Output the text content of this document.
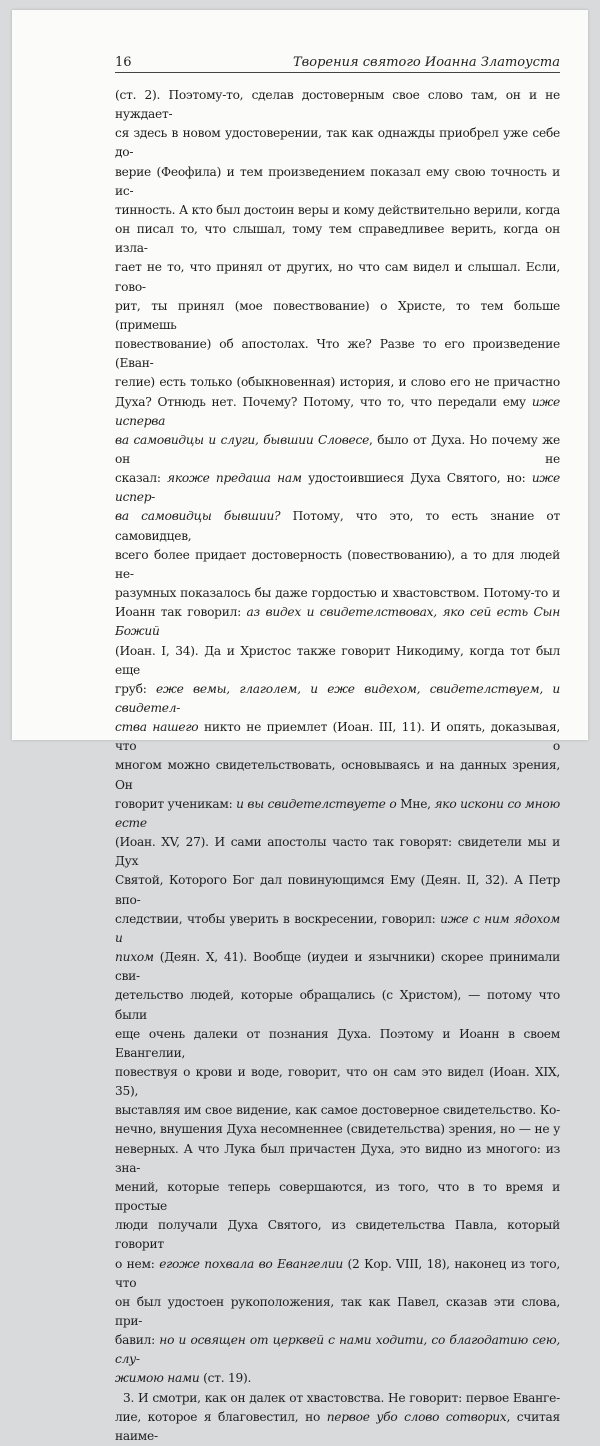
16	Творения святого Иоанна Златоуста

(ст. 2). Поэтому-то, сделав достоверным свое слово там, он и не нуждает-

ся здесь в новом удостоверении, так как однажды приобрел уже себе до-

верие (Феофила) и тем произведением показал ему свою точность и ис-

тинность. А кто был достоин веры и кому действительно верили, когда

он писал то, что слышал, тому тем справедливее верить, когда он излa-

гает не то, что принял от других, но что сам видел и слышал. Если, гово-

рит, ты принял (мое повествование) о Христе, то тем больше (примешь

повествование) об апостолах. Что же? Разве то его произведение (Еван-

гелие) есть только (обыкновенная) история, и слово его не причастно

Духа? Отнюдь нет. Почему? Потому, что то, что передали ему иже исперва

ва самовидцы и слуги, бывшии Словесе, было от Духа. Но почему же он не

сказал: якоже предаша нам удостоившиеся Духа Святого, но: иже испер-

ва самовидцы бывшии? Потому, что это, то есть знание от самовидцев,

всего более придает достоверность (повествованию), а то для людей не-

разумных показалось бы даже гордостью и хвастовством. Потому-то и

Иоанн так говорил: аз видех и свидетелствовах, яко сей есть Сын Божий

(Иоан. I, 34). Да и Христос также говорит Никодиму, когда тот был еще

груб: еже вемы, глаголем, и еже видехом, свидетелствуем, и свидетел-

ства нашего никто не приемлет (Иоан. III, 11). И опять, доказывая, что о

многом можно свидетельствовать, основываясь и на данных зрения, Он

говорит ученикам: и вы свидетелствуете о Мне, яко искони со мною есте

(Иоан. XV, 27). И сами апостолы часто так говорят: свидетели мы и Дух

Святой, Которого Бог дал повинующимся Ему (Деян. II, 32). А Петр впо-

следствии, чтобы уверить в воскресении, говорил: иже с ним ядохом и

пихом (Деян. X, 41). Вообще (иудеи и язычники) скорее принимали сви-

детельство людей, которые обращались (с Христом), — потому что были

еще очень далеки от познания Духа. Поэтому и Иоанн в своем Евангелии,

повествуя о крови и воде, говорит, что он сам это видел (Иоан. XIX, 35),

выставляя им свое видение, как самое достоверное свидетельство. Ко-

нечно, внушения Духа несомненнее (свидетельства) зрения, но — не у

неверных. А что Лука был причастен Духа, это видно из многого: из зна-

мений, которые теперь совершаются, из того, что в то время и простые

люди получали Духа Святого, из свидетельства Павла, который говорит

о нем: егоже похвала во Евангелии (2 Кор. VIII, 18), наконец из того, что

он был удостоен рукоположения, так как Павел, сказав эти слова, при-

бавил: но и освящен от церквей с нами ходити, со благодатию сею, слу-

жимою нами (ст. 19).

3. И смотри, как он далек от хвастовства. Не говорит: первое Еванге-

лие, которое я благовестил, но первое убо слово сотворих, считая наиме-
